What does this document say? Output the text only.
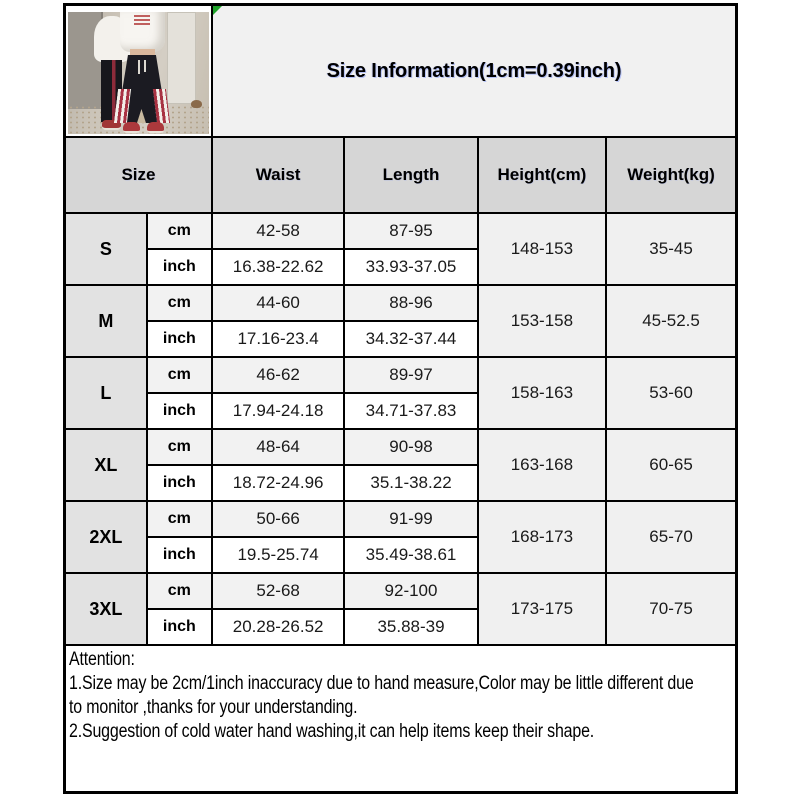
Size Information(1cm=0.39inch)			
Size		Waist	Length	Height(cm)	Weight(kg)
S	cm	42-58	87-95	148-153	35-45
	inch	16.38-22.62	33.93-37.05		
M	cm	44-60	88-96	153-158	45-52.5
	inch	17.16-23.4	34.32-37.44		
L	cm	46-62	89-97	158-163	53-60
	inch	17.94-24.18	34.71-37.83		
XL	cm	48-64	90-98	163-168	60-65
	inch	18.72-24.96	35.1-38.22		
2XL	cm	50-66	91-99	168-173	65-70
	inch	19.5-25.74	35.49-38.61		
3XL	cm	52-68	92-100	173-175	70-75
	inch	20.28-26.52	35.88-39		

Attention:
1.Size may be 2cm/1inch inaccuracy due to hand measure,Color may be little different due
to monitor ,thanks for your understanding.
2.Suggestion of cold water hand washing,it can help items keep their shape.					
